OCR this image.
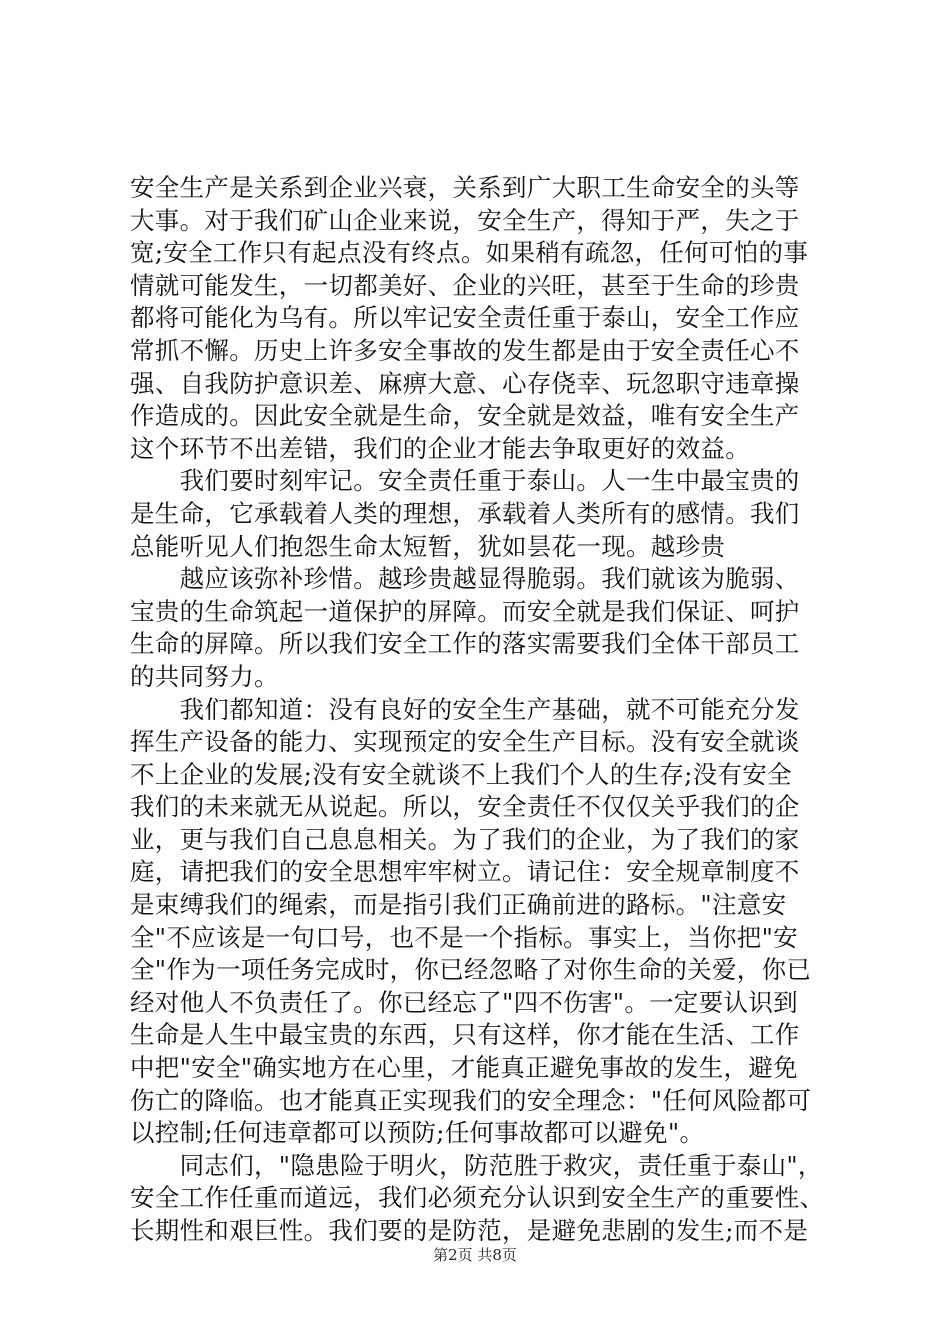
安全生产是关系到企业兴衰，关系到广大职工生命安全的头等
大事。对于我们矿山企业来说，安全生产，得知于严，失之于
宽;安全工作只有起点没有终点。如果稍有疏忽，任何可怕的事
情就可能发生，一切都美好、企业的兴旺，甚至于生命的珍贵
都将可能化为乌有。所以牢记安全责任重于泰山，安全工作应
常抓不懈。历史上许多安全事故的发生都是由于安全责任心不
强、自我防护意识差、麻痹大意、心存侥幸、玩忽职守违章操
作造成的。因此安全就是生命，安全就是效益，唯有安全生产
这个环节不出差错，我们的企业才能去争取更好的效益。
　　我们要时刻牢记。安全责任重于泰山。人一生中最宝贵的
是生命，它承载着人类的理想，承载着人类所有的感情。我们
总能听见人们抱怨生命太短暂，犹如昙花一现。越珍贵
　　越应该弥补珍惜。越珍贵越显得脆弱。我们就该为脆弱、
宝贵的生命筑起一道保护的屏障。而安全就是我们保证、呵护
生命的屏障。所以我们安全工作的落实需要我们全体干部员工
的共同努力。
　　我们都知道：没有良好的安全生产基础，就不可能充分发
挥生产设备的能力、实现预定的安全生产目标。没有安全就谈
不上企业的发展;没有安全就谈不上我们个人的生存;没有安全
我们的未来就无从说起。所以，安全责任不仅仅关乎我们的企
业，更与我们自己息息相关。为了我们的企业，为了我们的家
庭，请把我们的安全思想牢牢树立。请记住：安全规章制度不
是束缚我们的绳索，而是指引我们正确前进的路标。"注意安
全"不应该是一句口号，也不是一个指标。事实上，当你把"安
全"作为一项任务完成时，你已经忽略了对你生命的关爱，你已
经对他人不负责任了。你已经忘了"四不伤害"。一定要认识到
生命是人生中最宝贵的东西，只有这样，你才能在生活、工作
中把"安全"确实地方在心里，才能真正避免事故的发生，避免
伤亡的降临。也才能真正实现我们的安全理念："任何风险都可
以控制;任何违章都可以预防;任何事故都可以避免"。
　　同志们，"隐患险于明火，防范胜于救灾，责任重于泰山"，
安全工作任重而道远，我们必须充分认识到安全生产的重要性、
长期性和艰巨性。我们要的是防范，是避免悲剧的发生;而不是
第2页 共8页
